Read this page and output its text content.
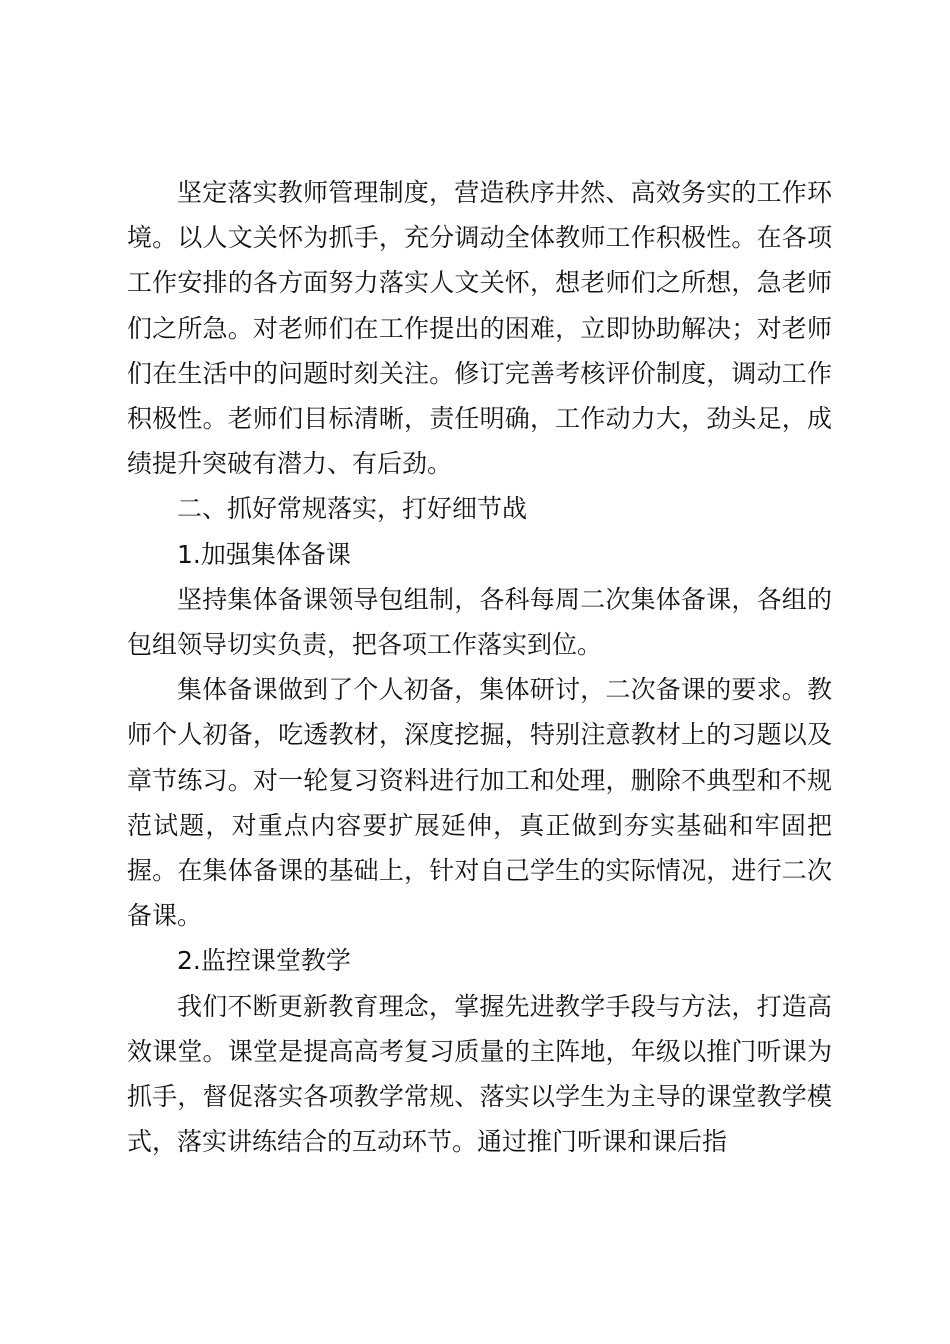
坚定落实教师管理制度，营造秩序井然、高效务实的工作环境。以人文关怀为抓手，充分调动全体教师工作积极性。在各项工作安排的各方面努力落实人文关怀，想老师们之所想，急老师们之所急。对老师们在工作提出的困难，立即协助解决；对老师们在生活中的问题时刻关注。修订完善考核评价制度，调动工作积极性。老师们目标清晰，责任明确，工作动力大，劲头足，成绩提升突破有潜力、有后劲。

二、抓好常规落实，打好细节战

1.加强集体备课

坚持集体备课领导包组制，各科每周二次集体备课，各组的包组领导切实负责，把各项工作落实到位。

集体备课做到了个人初备，集体研讨，二次备课的要求。教师个人初备，吃透教材，深度挖掘，特别注意教材上的习题以及章节练习。对一轮复习资料进行加工和处理，删除不典型和不规范试题，对重点内容要扩展延伸，真正做到夯实基础和牢固把握。在集体备课的基础上，针对自己学生的实际情况，进行二次备课。

2.监控课堂教学

我们不断更新教育理念，掌握先进教学手段与方法，打造高效课堂。课堂是提高高考复习质量的主阵地，年级以推门听课为抓手，督促落实各项教学常规、落实以学生为主导的课堂教学模式，落实讲练结合的互动环节。通过推门听课和课后指
